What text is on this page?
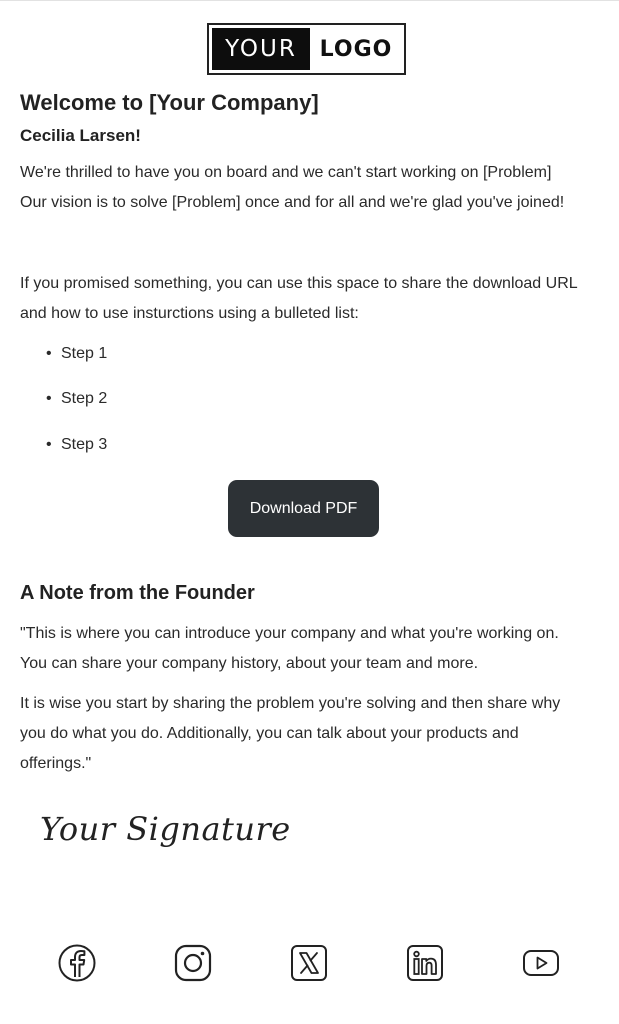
YOUR	LOGO
Welcome to [Your Company]
Cecilia Larsen!
We're thrilled to have you on board and we can't start working on [Problem]
Our vision is to solve [Problem] once and for all and we're glad you've joined!
If you promised something, you can use this space to share the download URL
and how to use insturctions using a bulleted list:
• Step 1
• Step 2
• Step 3
Download PDF
A Note from the Founder
"This is where you can introduce your company and what you're working on.
You can share your company history, about your team and more.
It is wise you start by sharing the problem you're solving and then share why
you do what you do. Additionally, you can talk about your products and
offerings."
Your Signature
